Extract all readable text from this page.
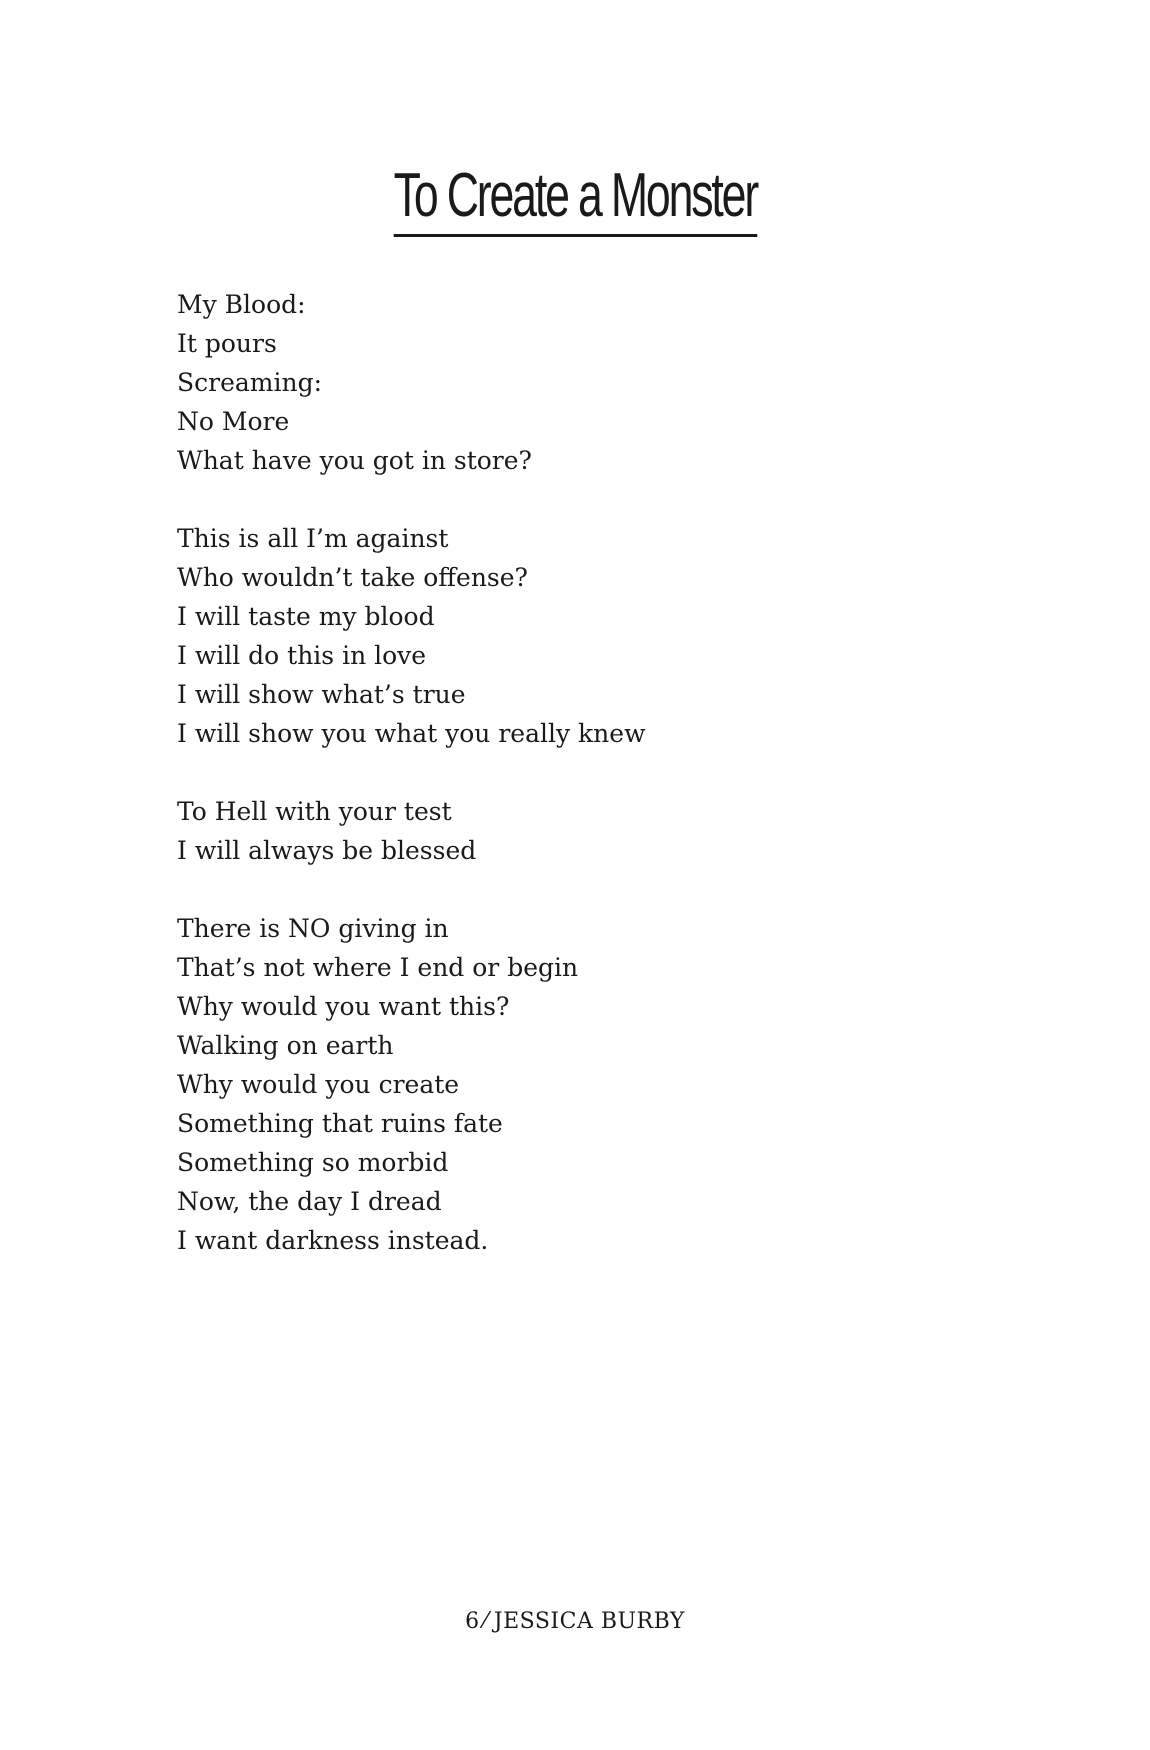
To Create a Monster
My Blood:
It pours
Screaming:
No More
What have you got in store?
This is all I’m against
Who wouldn’t take offense?
I will taste my blood
I will do this in love
I will show what’s true
I will show you what you really knew
To Hell with your test
I will always be blessed
There is NO giving in
That’s not where I end or begin
Why would you want this?
Walking on earth
Why would you create
Something that ruins fate
Something so morbid
Now, the day I dread
I want darkness instead.
6 ⁄ JESSICA BURBY
